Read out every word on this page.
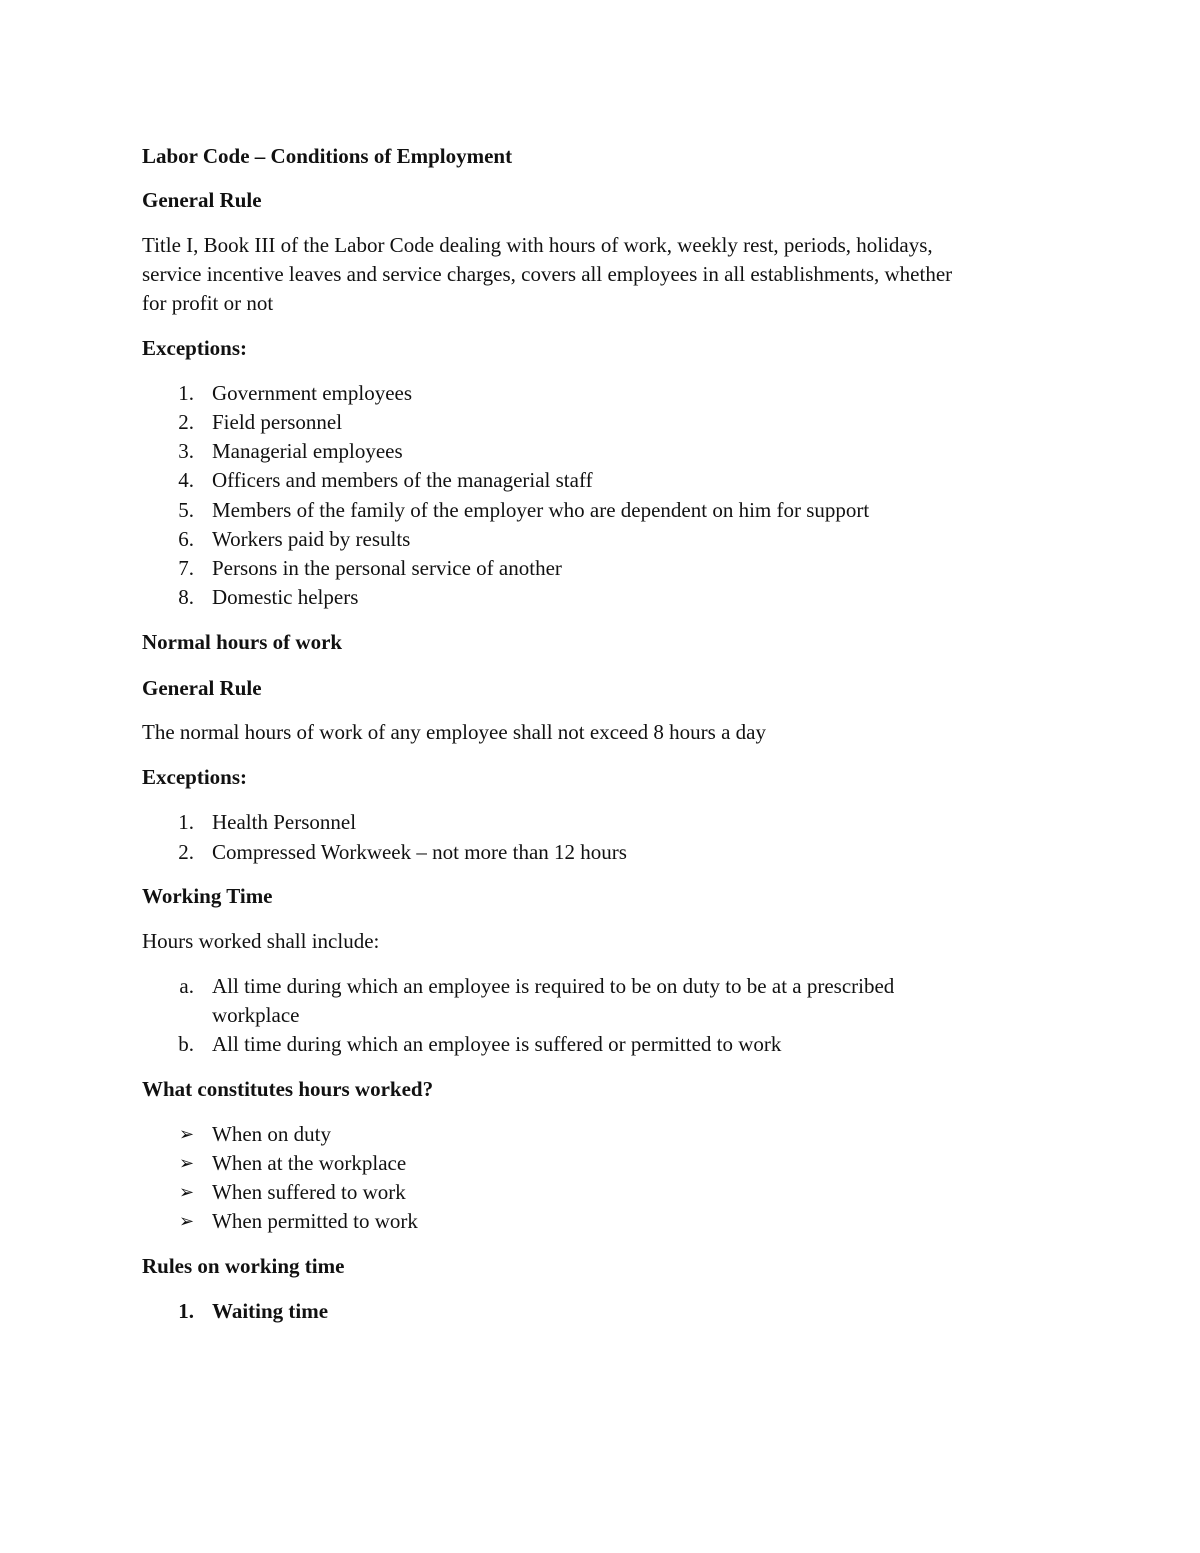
Labor Code – Conditions of Employment
General Rule
Title I, Book III of the Labor Code dealing with hours of work, weekly rest, periods, holidays,
service incentive leaves and service charges, covers all employees in all establishments, whether
for profit or not
Exceptions:
1. Government employees
2. Field personnel
3. Managerial employees
4. Officers and members of the managerial staff
5. Members of the family of the employer who are dependent on him for support
6. Workers paid by results
7. Persons in the personal service of another
8. Domestic helpers
Normal hours of work
General Rule
The normal hours of work of any employee shall not exceed 8 hours a day
Exceptions:
1. Health Personnel
2. Compressed Workweek – not more than 12 hours
Working Time
Hours worked shall include:
a. All time during which an employee is required to be on duty to be at a prescribed
workplace
b. All time during which an employee is suffered or permitted to work
What constitutes hours worked?
➢ When on duty
➢ When at the workplace
➢ When suffered to work
➢ When permitted to work
Rules on working time
1. Waiting time
